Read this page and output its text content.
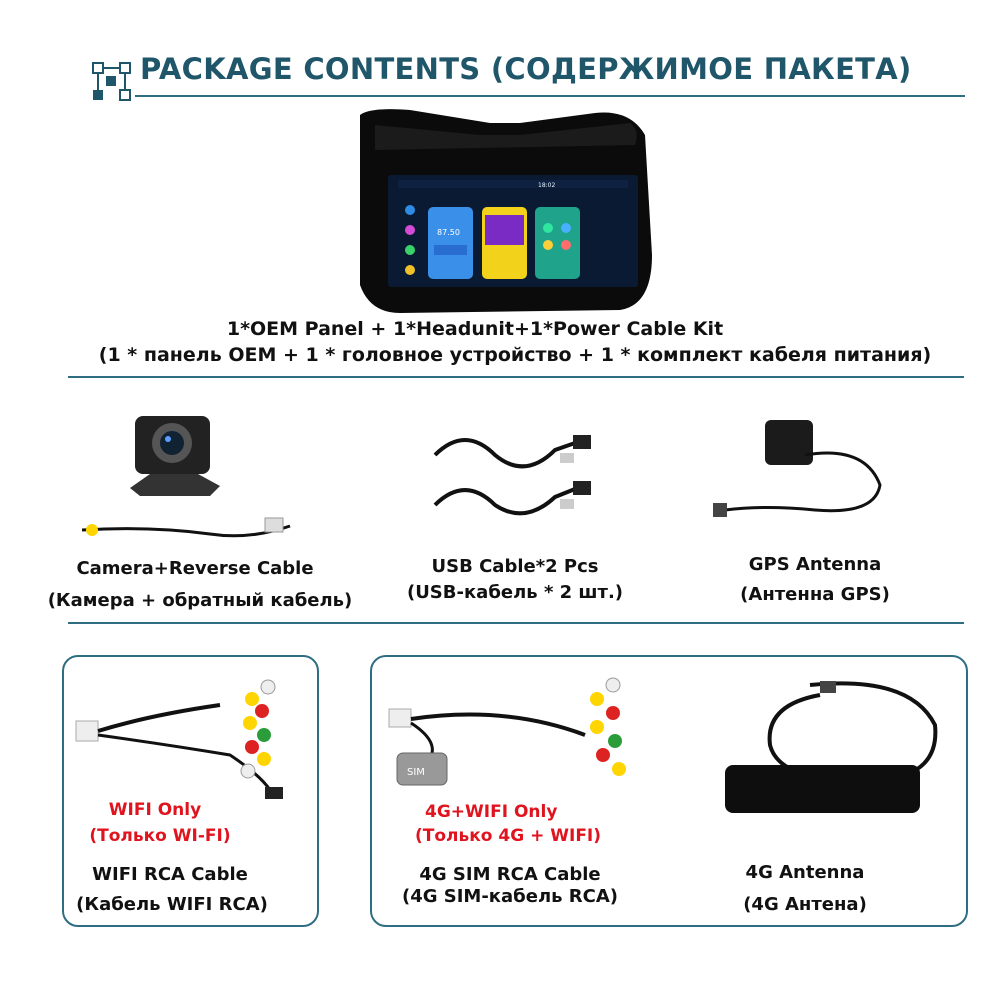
PACKAGE CONTENTS (СОДЕРЖИМОЕ ПАКЕТА)
18:02
87.50
1*OEM Panel + 1*Headunit+1*Power Cable Kit
(1 * панель OEM + 1 * головное устройство + 1 * комплект кабеля питания)
Camera+Reverse Cable
(Камера + обратный кабель)
USB Cable*2 Pcs
(USB-кабель * 2 шт.)
GPS Antenna
(Антенна GPS)
WIFI Only
(Только WI-FI)
WIFI RCA Cable
(Кабель WIFI RCA)
SIM
4G+WIFI Only
(Только 4G + WIFI)
4G SIM RCA Cable
(4G SIM-кабель RCA)
4G Antenna
(4G Антена)
